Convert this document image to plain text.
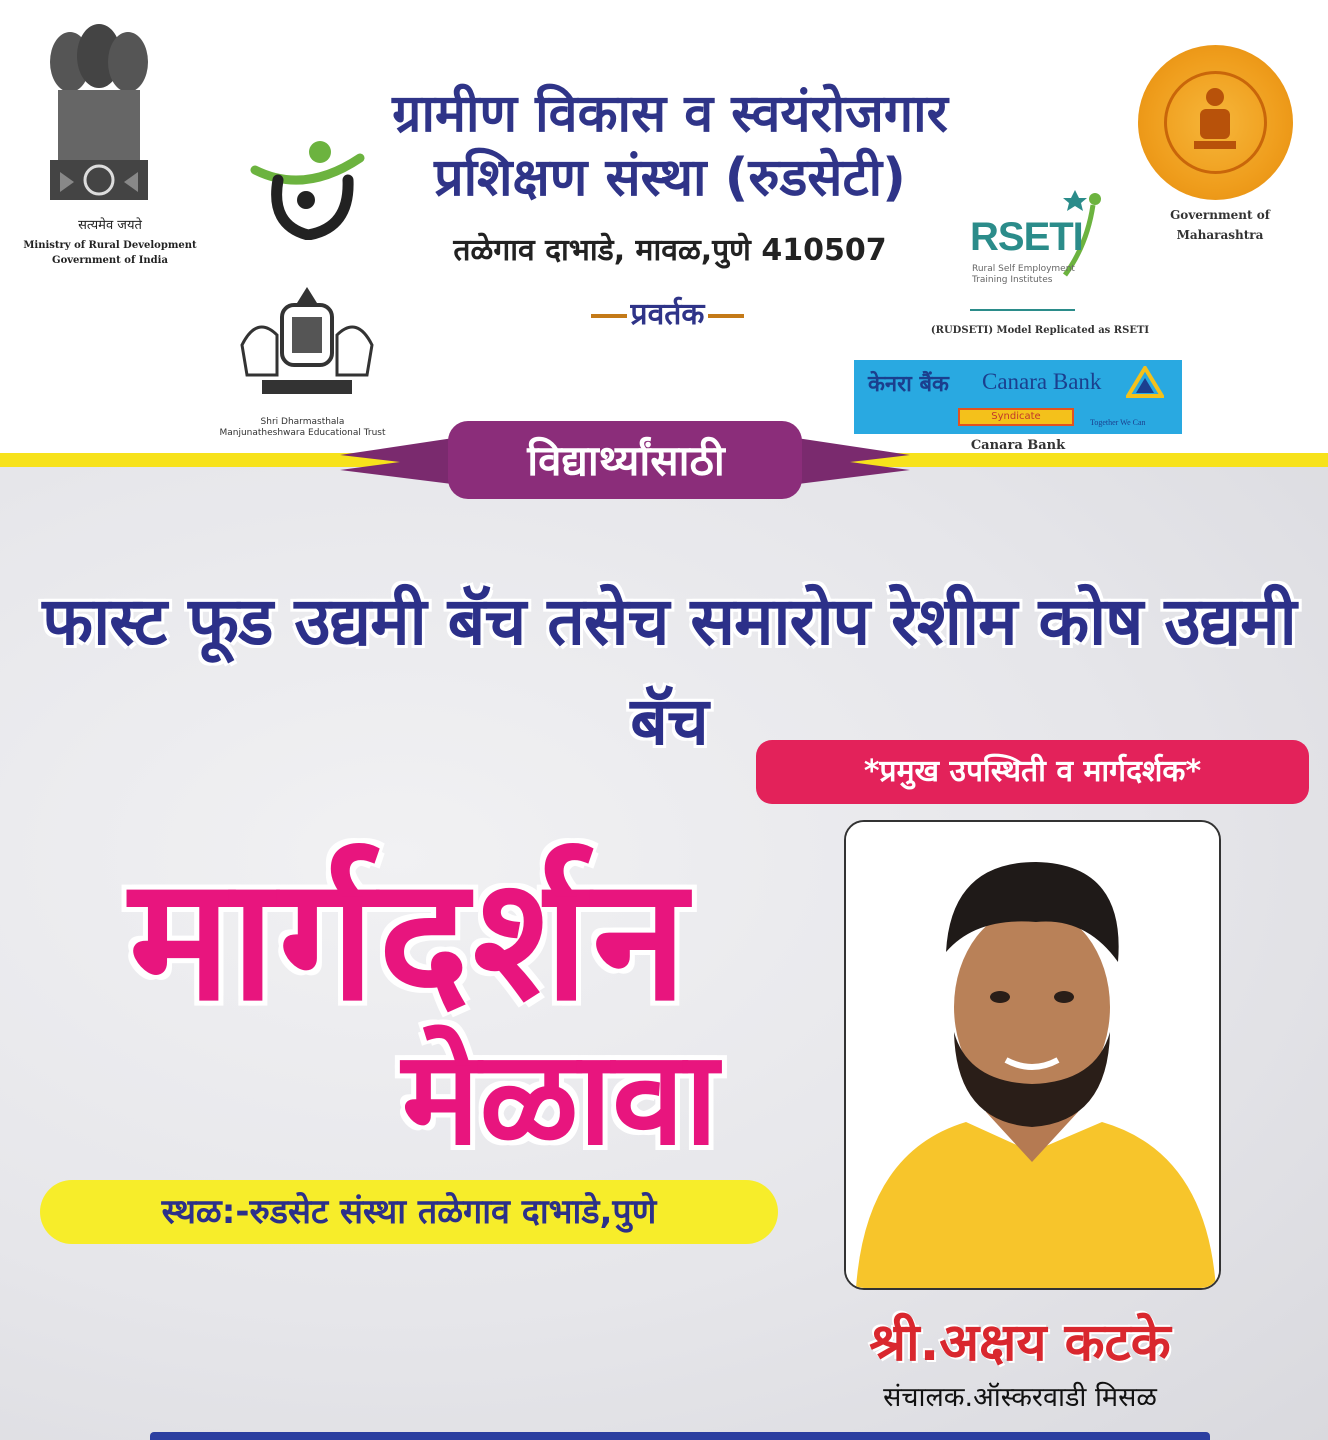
सत्यमेव जयते
Ministry of Rural Development
Government of India
ग्रामीण विकास व स्वयंरोजगार
प्रशिक्षण संस्था (रुडसेटी)
तळेगाव दाभाडे, मावळ,पुणे 410507
प्रवर्तक
Government of
Maharashtra
RSETI
Rural Self Employment
Training Institutes
(RUDSETI) Model Replicated as RSETI
Shri Dharmasthala
Manjunatheshwara Educational Trust
केनरा बैंक Canara Bank
Syndicate
Together We Can
Canara Bank
विद्यार्थ्यांसाठी
फास्ट फूड उद्यमी बॅच तसेच समारोप रेशीम कोष उद्यमी बॅच
*प्रमुख उपस्थिती व मार्गदर्शक*
मार्गदर्शन
मेळावा
स्थळ:-रुडसेट संस्था तळेगाव दाभाडे,पुणे
श्री.अक्षय कटके
संचालक.ऑस्करवाडी मिसळ
